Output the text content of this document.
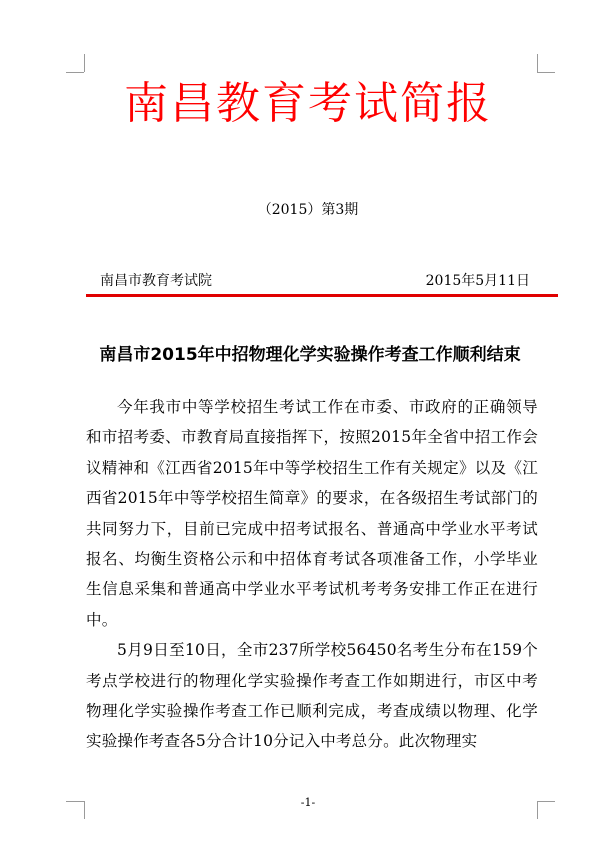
南昌教育考试简报
（2015）第3期
南昌市教育考试院	2015年5月11日
南昌市2015年中招物理化学实验操作考查工作顺利结束

今年我市中等学校招生考试工作在市委、市政府的正确领导和市招考委、市教育局直接指挥下，按照2015年全省中招工作会议精神和《江西省2015年中等学校招生工作有关规定》以及《江西省2015年中等学校招生简章》的要求，在各级招生考试部门的共同努力下，目前已完成中招考试报名、普通高中学业水平考试报名、均衡生资格公示和中招体育考试各项准备工作，小学毕业生信息采集和普通高中学业水平考试机考考务安排工作正在进行中。

5月9日至10日，全市237所学校56450名考生分布在159个考点学校进行的物理化学实验操作考查工作如期进行，市区中考物理化学实验操作考查工作已顺利完成，考查成绩以物理、化学实验操作考查各5分合计10分记入中考总分。此次物理实

-1-
